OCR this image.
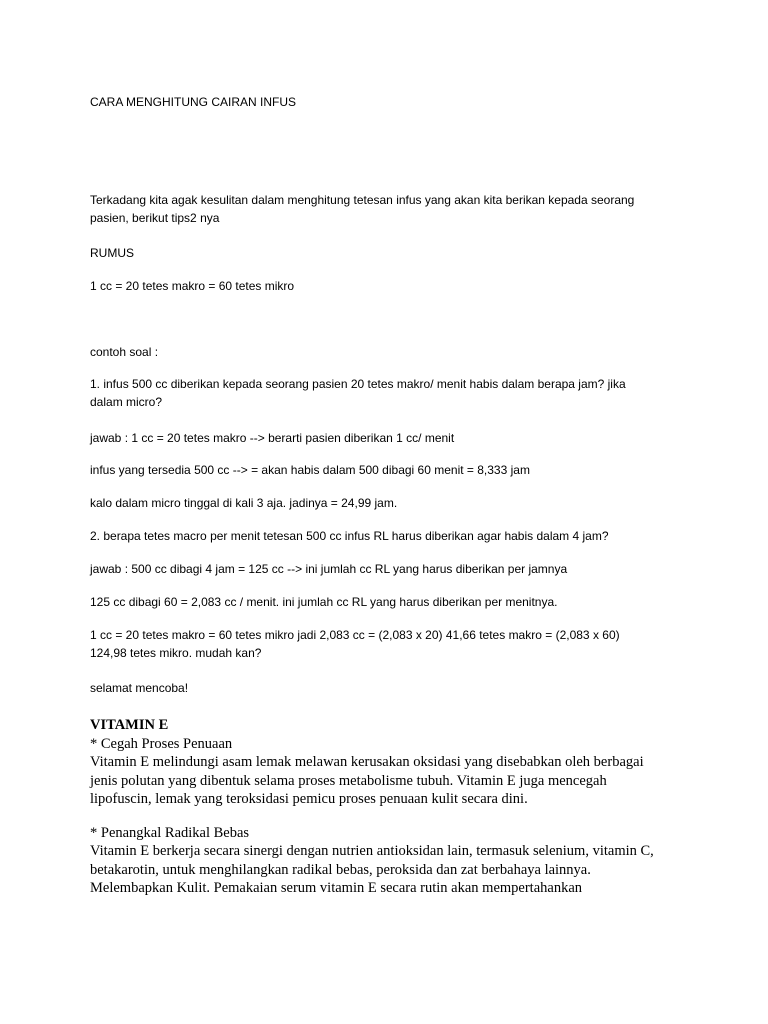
CARA MENGHITUNG CAIRAN INFUS

Terkadang kita agak kesulitan dalam menghitung tetesan infus yang akan kita berikan kepada seorang
pasien, berikut tips2 nya

RUMUS

1 cc = 20 tetes makro = 60 tetes mikro

contoh soal :

1. infus 500 cc diberikan kepada seorang pasien 20 tetes makro/ menit habis dalam berapa jam? jika
dalam micro?

jawab : 1 cc = 20 tetes makro --> berarti pasien diberikan 1 cc/ menit

infus yang tersedia 500 cc --> = akan habis dalam 500 dibagi 60 menit = 8,333 jam

kalo dalam micro tinggal di kali 3 aja. jadinya = 24,99 jam.

2. berapa tetes macro per menit tetesan 500 cc infus RL harus diberikan agar habis dalam 4 jam?

jawab : 500 cc dibagi 4 jam = 125 cc --> ini jumlah cc RL yang harus diberikan per jamnya

125 cc dibagi 60 = 2,083 cc / menit. ini jumlah cc RL yang harus diberikan per menitnya.

1 cc = 20 tetes makro = 60 tetes mikro jadi 2,083 cc = (2,083 x 20) 41,66 tetes makro = (2,083 x 60)
124,98 tetes mikro. mudah kan?

selamat mencoba!

VITAMIN E

* Cegah Proses Penuaan

Vitamin E melindungi asam lemak melawan kerusakan oksidasi yang disebabkan oleh berbagai
jenis polutan yang dibentuk selama proses metabolisme tubuh. Vitamin E juga mencegah
lipofuscin, lemak yang teroksidasi pemicu proses penuaan kulit secara dini.

* Penangkal Radikal Bebas

Vitamin E berkerja secara sinergi dengan nutrien antioksidan lain, termasuk selenium, vitamin C,
betakarotin, untuk menghilangkan radikal bebas, peroksida dan zat berbahaya lainnya.
Melembapkan Kulit. Pemakaian serum vitamin E secara rutin akan mempertahankan
